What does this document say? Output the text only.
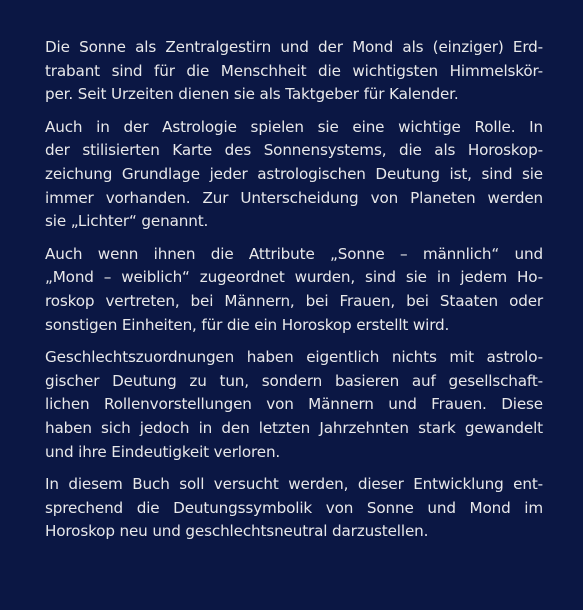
Die Sonne als Zentralgestirn und der Mond als (einziger) Erd-
trabant sind für die Menschheit die wichtigsten Himmelskör-
per. Seit Urzeiten dienen sie als Taktgeber für Kalender.

Auch in der Astrologie spielen sie eine wichtige Rolle. In
der stilisierten Karte des Sonnensystems, die als Horoskop-
zeichung Grundlage jeder astrologischen Deutung ist, sind sie
immer vorhanden. Zur Unterscheidung von Planeten werden
sie „Lichter“ genannt.

Auch wenn ihnen die Attribute „Sonne – männlich“ und
„Mond – weiblich“ zugeordnet wurden, sind sie in jedem Ho-
roskop vertreten, bei Männern, bei Frauen, bei Staaten oder
sonstigen Einheiten, für die ein Horoskop erstellt wird.

Geschlechtszuordnungen haben eigentlich nichts mit astrolo-
gischer Deutung zu tun, sondern basieren auf gesellschaft-
lichen Rollenvorstellungen von Männern und Frauen. Diese
haben sich jedoch in den letzten Jahrzehnten stark gewandelt
und ihre Eindeutigkeit verloren.

In diesem Buch soll versucht werden, dieser Entwicklung ent-
sprechend die Deutungssymbolik von Sonne und Mond im
Horoskop neu und geschlechtsneutral darzustellen.
